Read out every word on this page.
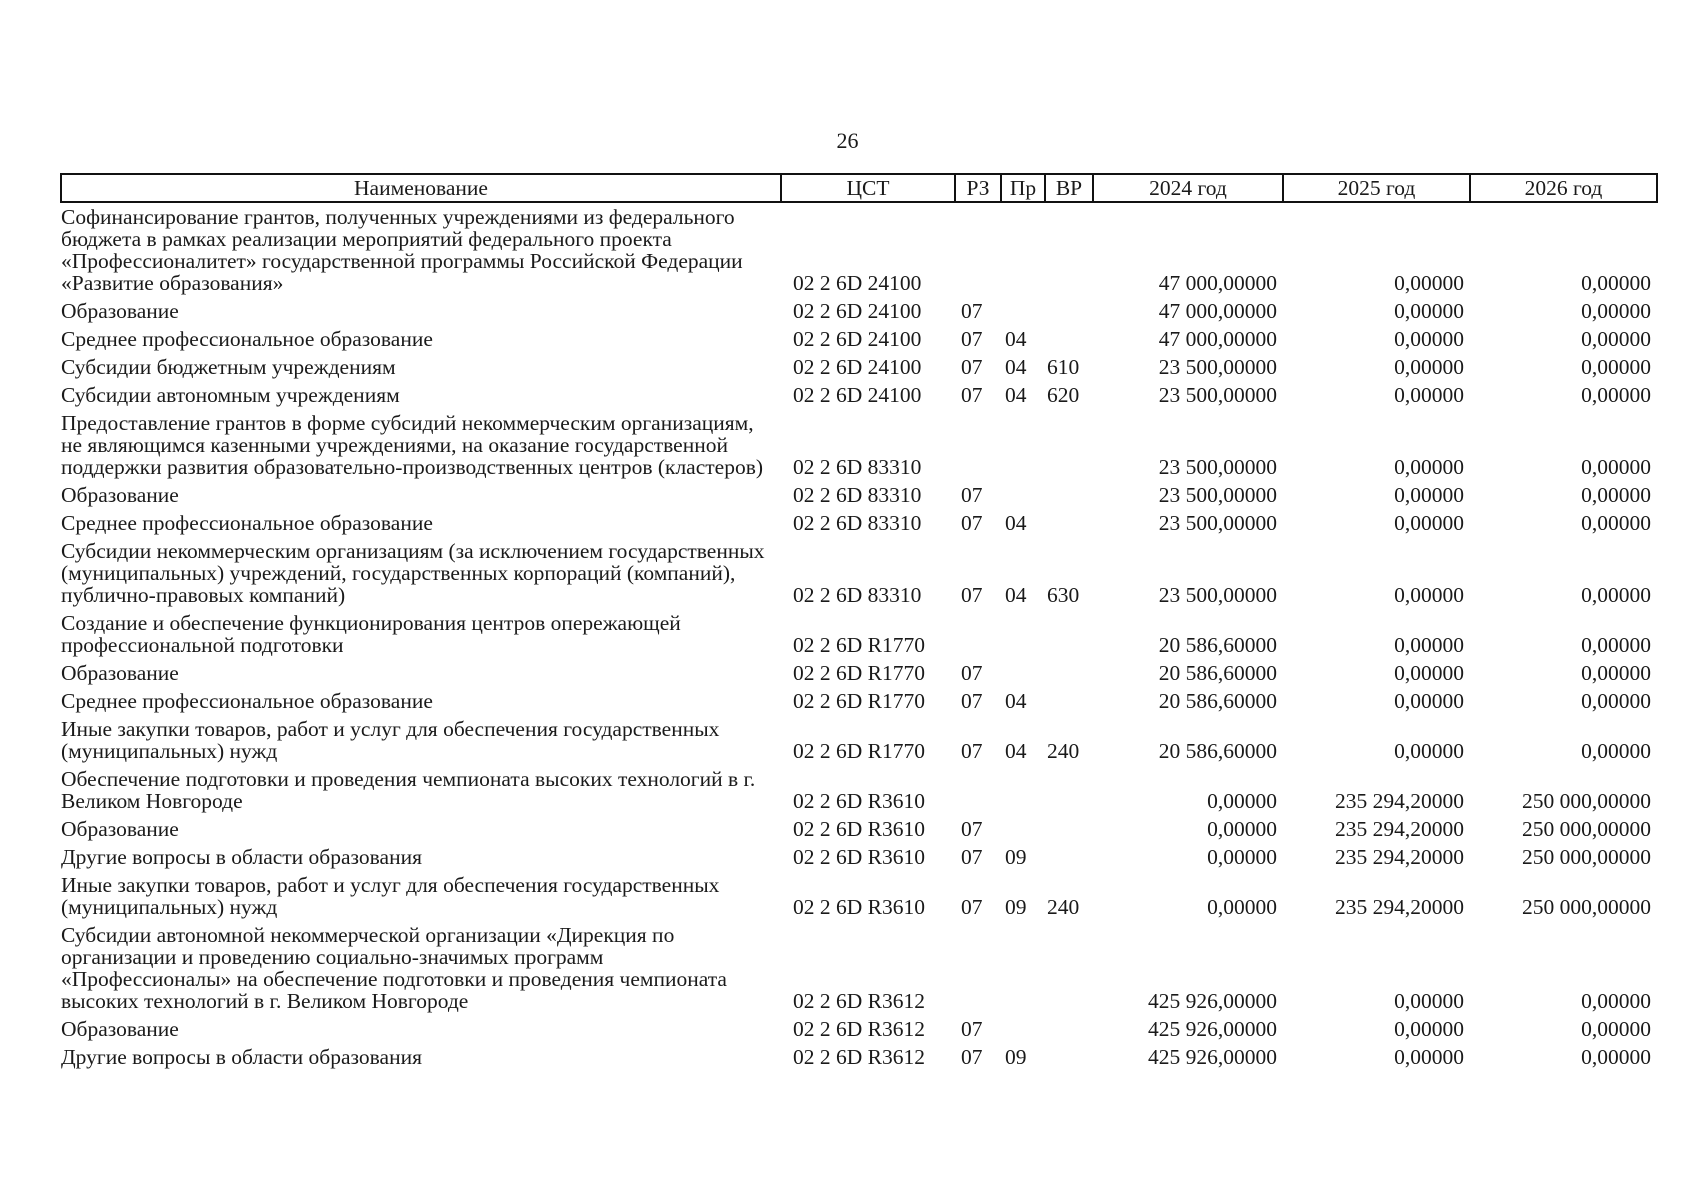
26
Наименование	ЦСТ	РЗ	Пр	ВР	2024 год	2025 год	2026 год
Софинансирование грантов, полученных учреждениями из федерального бюджета в рамках реализации мероприятий федерального проекта «Профессионалитет» государственной программы Российской Федерации «Развитие образования»	02 2 6D 24100				47 000,00000	0,00000	0,00000
Образование	02 2 6D 24100	07			47 000,00000	0,00000	0,00000
Среднее профессиональное образование	02 2 6D 24100	07	04		47 000,00000	0,00000	0,00000
Субсидии бюджетным учреждениям	02 2 6D 24100	07	04	610	23 500,00000	0,00000	0,00000
Субсидии автономным учреждениям	02 2 6D 24100	07	04	620	23 500,00000	0,00000	0,00000
Предоставление грантов в форме субсидий некоммерческим организациям, не являющимся казенными учреждениями, на оказание государственной поддержки развития образовательно-производственных центров (кластеров)	02 2 6D 83310				23 500,00000	0,00000	0,00000
Образование	02 2 6D 83310	07			23 500,00000	0,00000	0,00000
Среднее профессиональное образование	02 2 6D 83310	07	04		23 500,00000	0,00000	0,00000
Субсидии некоммерческим организациям (за исключением государственных (муниципальных) учреждений, государственных корпораций (компаний), публично-правовых компаний)	02 2 6D 83310	07	04	630	23 500,00000	0,00000	0,00000
Создание и обеспечение функционирования центров опережающей профессиональной подготовки	02 2 6D R1770				20 586,60000	0,00000	0,00000
Образование	02 2 6D R1770	07			20 586,60000	0,00000	0,00000
Среднее профессиональное образование	02 2 6D R1770	07	04		20 586,60000	0,00000	0,00000
Иные закупки товаров, работ и услуг для обеспечения государственных (муниципальных) нужд	02 2 6D R1770	07	04	240	20 586,60000	0,00000	0,00000
Обеспечение подготовки и проведения чемпионата высоких технологий в г. Великом Новгороде	02 2 6D R3610				0,00000	235 294,20000	250 000,00000
Образование	02 2 6D R3610	07			0,00000	235 294,20000	250 000,00000
Другие вопросы в области образования	02 2 6D R3610	07	09		0,00000	235 294,20000	250 000,00000
Иные закупки товаров, работ и услуг для обеспечения государственных (муниципальных) нужд	02 2 6D R3610	07	09	240	0,00000	235 294,20000	250 000,00000
Субсидии автономной некоммерческой организации «Дирекция по организации и проведению социально-значимых программ «Профессионалы» на обеспечение подготовки и проведения чемпионата высоких технологий в г. Великом Новгороде	02 2 6D R3612				425 926,00000	0,00000	0,00000
Образование	02 2 6D R3612	07			425 926,00000	0,00000	0,00000
Другие вопросы в области образования	02 2 6D R3612	07	09		425 926,00000	0,00000	0,00000
